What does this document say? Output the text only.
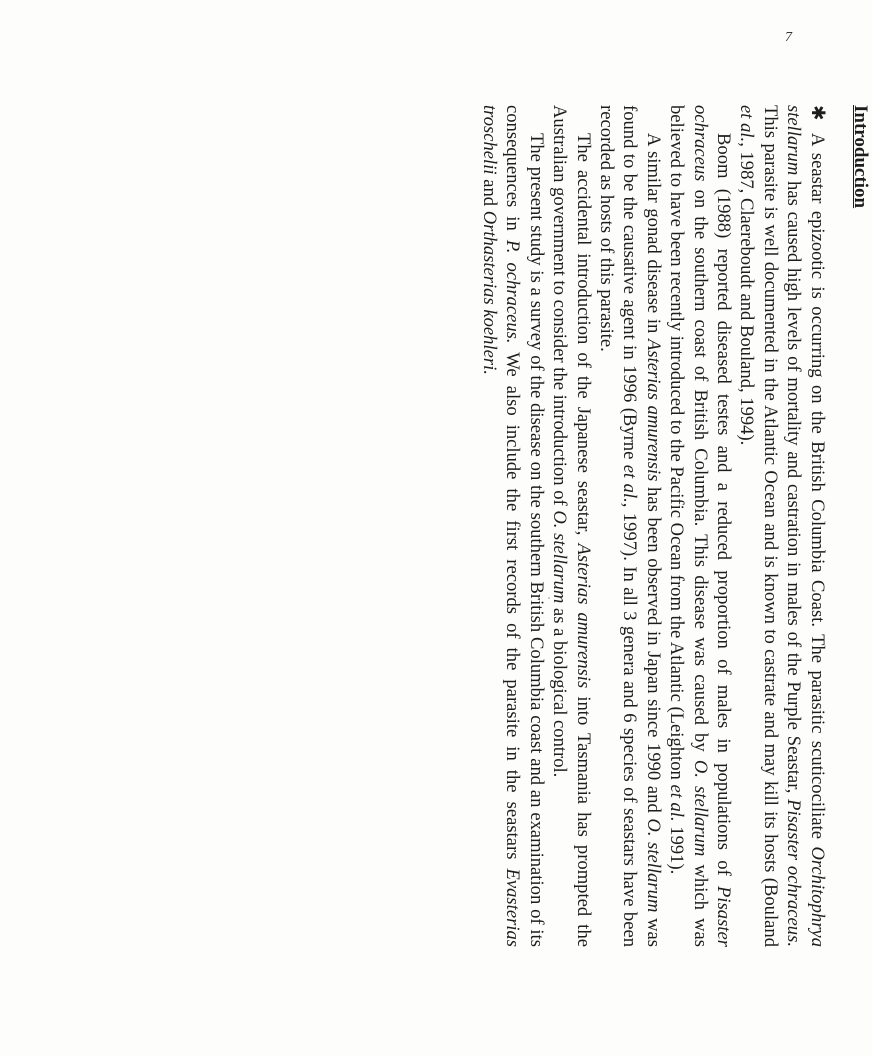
7
Introduction

✱A seastar epizootic is occurring on the British Columbia Coast. The parasitic scuticociliate Orchitophrya stellarum has caused high levels of mortality and castration in males of the Purple Seastar, Pisaster ochraceus. This parasite is well documented in the Atlantic Ocean and is known to castrate and may kill its hosts (Bouland et al., 1987, Claereboudt and Bouland, 1994).

Boom (1988) reported diseased testes and a reduced proportion of males in populations of Pisaster ochraceus on the southern coast of British Columbia. This disease was caused by O. stellarum which was believed to have been recently introduced to the Pacific Ocean from the Atlantic (Leighton et al. 1991).

A similar gonad disease in Asterias amurensis has been observed in Japan since 1990 and O. stellarum was found to be the causative agent in 1996 (Byrne et al., 1997). In all 3 genera and 6 species of seastars have been recorded as hosts of this parasite.

The accidental introduction of the Japanese seastar, Asterias amurensis into Tasmania has prompted the Australian government to consider the introduction of O. stellarum as a biological control.

The present study is a survey of the disease on the southern British Columbia coast and an examination of its consequences in P. ochraceus. We also include the first records of the parasite in the seastars Evasterias troschelii and Orthasterias koehleri.
